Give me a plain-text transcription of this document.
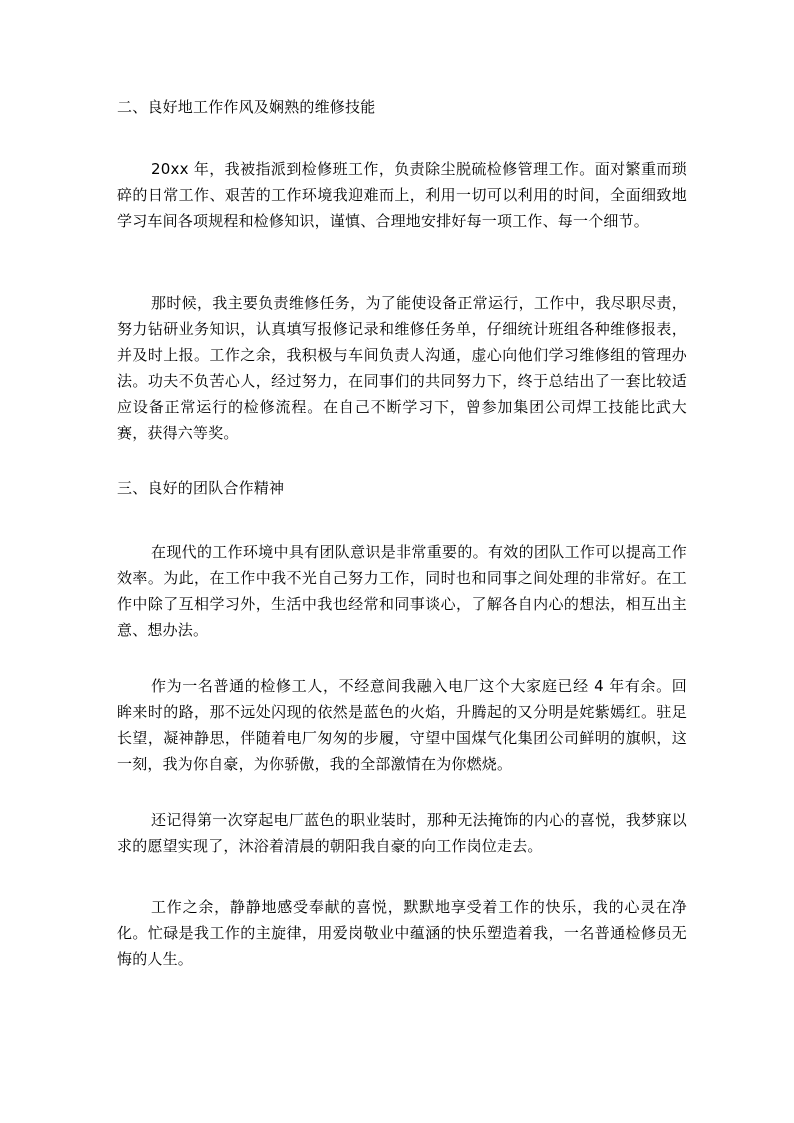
二、良好地工作作风及娴熟的维修技能

20xx 年，我被指派到检修班工作，负责除尘脱硫检修管理工作。面对繁重而琐碎的日常工作、艰苦的工作环境我迎难而上，利用一切可以利用的时间，全面细致地学习车间各项规程和检修知识，谨慎、合理地安排好每一项工作、每一个细节。

那时候，我主要负责维修任务，为了能使设备正常运行，工作中，我尽职尽责，努力钻研业务知识，认真填写报修记录和维修任务单，仔细统计班组各种维修报表，并及时上报。工作之余，我积极与车间负责人沟通，虚心向他们学习维修组的管理办法。功夫不负苦心人，经过努力，在同事们的共同努力下，终于总结出了一套比较适应设备正常运行的检修流程。在自己不断学习下，曾参加集团公司焊工技能比武大赛，获得六等奖。

三、良好的团队合作精神

在现代的工作环境中具有团队意识是非常重要的。有效的团队工作可以提高工作效率。为此，在工作中我不光自己努力工作，同时也和同事之间处理的非常好。在工作中除了互相学习外，生活中我也经常和同事谈心，了解各自内心的想法，相互出主意、想办法。

作为一名普通的检修工人，不经意间我融入电厂这个大家庭已经 4 年有余。回眸来时的路，那不远处闪现的依然是蓝色的火焰，升腾起的又分明是姹紫嫣红。驻足长望，凝神静思，伴随着电厂匆匆的步履，守望中国煤气化集团公司鲜明的旗帜，这一刻，我为你自豪，为你骄傲，我的全部激情在为你燃烧。

还记得第一次穿起电厂蓝色的职业装时，那种无法掩饰的内心的喜悦，我梦寐以求的愿望实现了，沐浴着清晨的朝阳我自豪的向工作岗位走去。

工作之余，静静地感受奉献的喜悦，默默地享受着工作的快乐，我的心灵在净化。忙碌是我工作的主旋律，用爱岗敬业中蕴涵的快乐塑造着我，一名普通检修员无悔的人生。
